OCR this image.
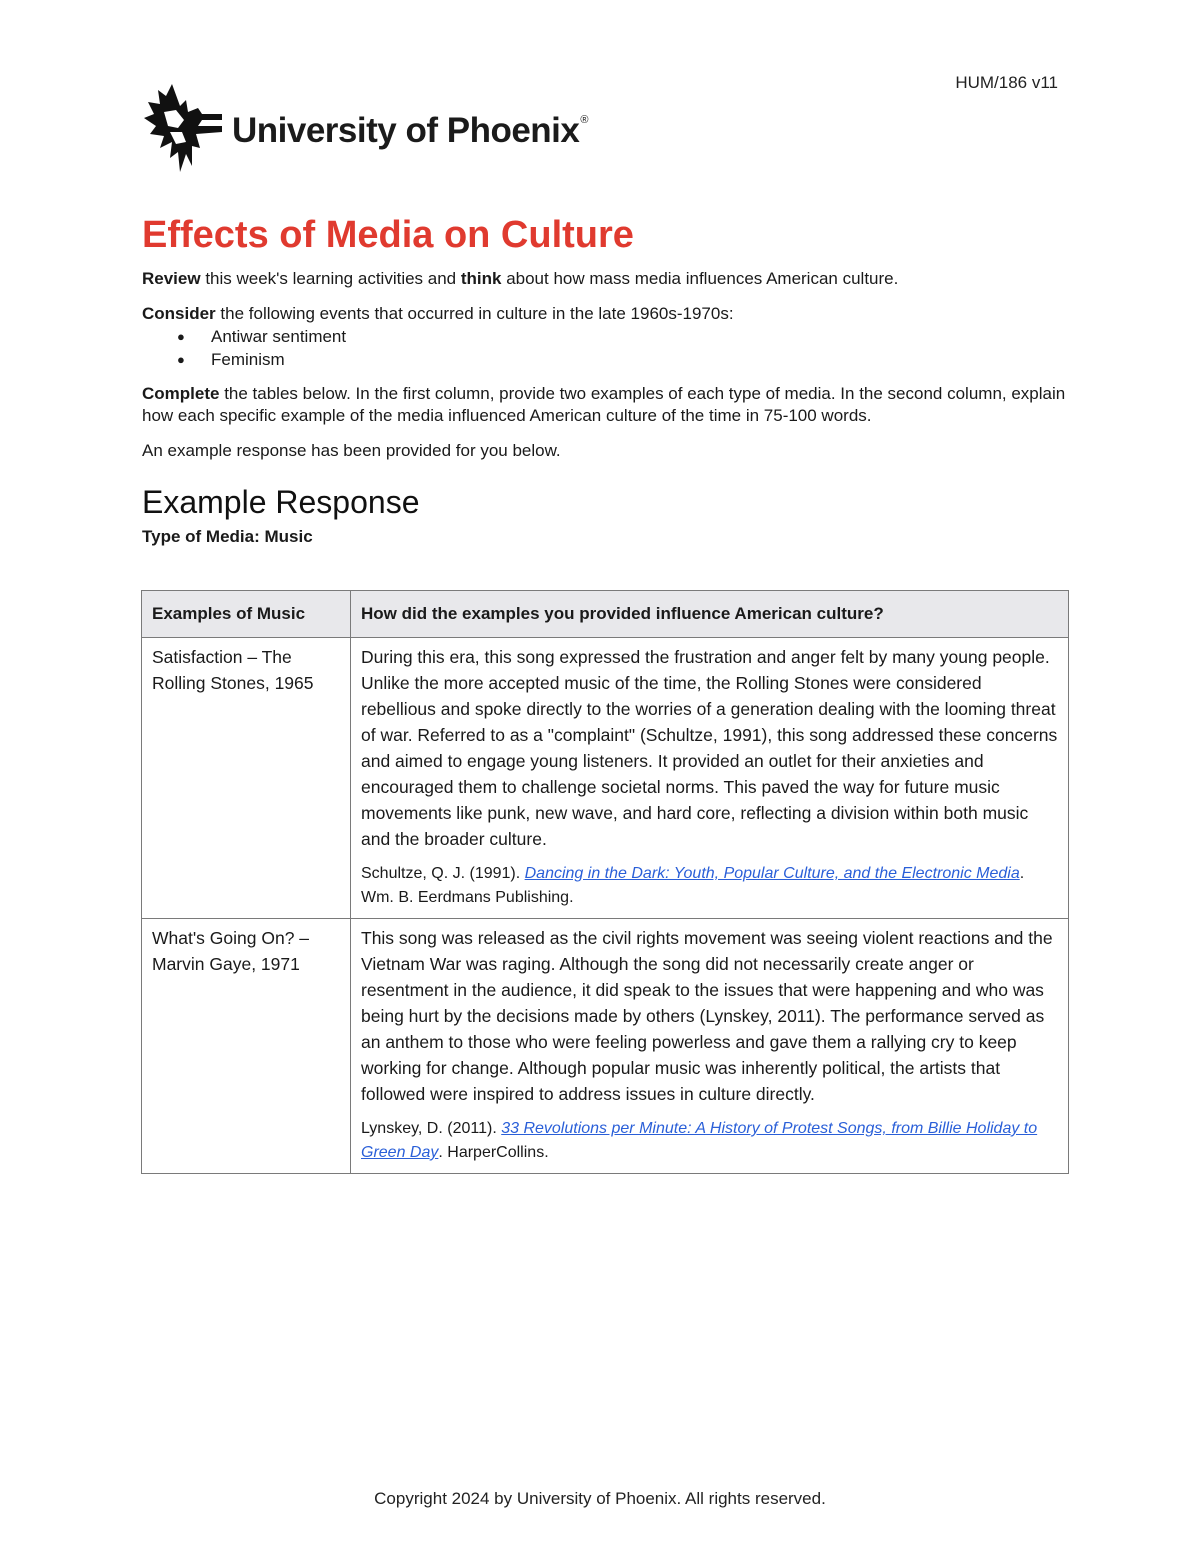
HUM/186 v11
University of Phoenix®
Effects of Media on Culture

Review this week's learning activities and think about how mass media influences American culture.

Consider the following events that occurred in culture in the late 1960s-1970s:

● Antiwar sentiment
● Feminism

Complete the tables below. In the first column, provide two examples of each type of media. In the second column, explain how each specific example of the media influenced American culture of the time in 75-100 words.

An example response has been provided for you below.

Example Response
Type of Media: Music
Examples of Music	How did the examples you provided influence American culture?
Satisfaction – The Rolling Stones, 1965	During this era, this song expressed the frustration and anger felt by many young people. Unlike the more accepted music of the time, the Rolling Stones were considered rebellious and spoke directly to the worries of a generation dealing with the looming threat of war. Referred to as a "complaint" (Schultze, 1991), this song addressed these concerns and aimed to engage young listeners. It provided an outlet for their anxieties and encouraged them to challenge societal norms. This paved the way for future music movements like punk, new wave, and hard core, reflecting a division within both music and the broader culture.
Schultze, Q. J. (1991). Dancing in the Dark: Youth, Popular Culture, and the Electronic Media. Wm. B. Eerdmans Publishing.

What's Going On? – Marvin Gaye, 1971	This song was released as the civil rights movement was seeing violent reactions and the Vietnam War was raging. Although the song did not necessarily create anger or resentment in the audience, it did speak to the issues that were happening and who was being hurt by the decisions made by others (Lynskey, 2011). The performance served as an anthem to those who were feeling powerless and gave them a rallying cry to keep working for change. Although popular music was inherently political, the artists that followed were inspired to address issues in culture directly.
Lynskey, D. (2011). 33 Revolutions per Minute: A History of Protest Songs, from Billie Holiday to Green Day. HarperCollins.
Copyright 2024 by University of Phoenix. All rights reserved.
